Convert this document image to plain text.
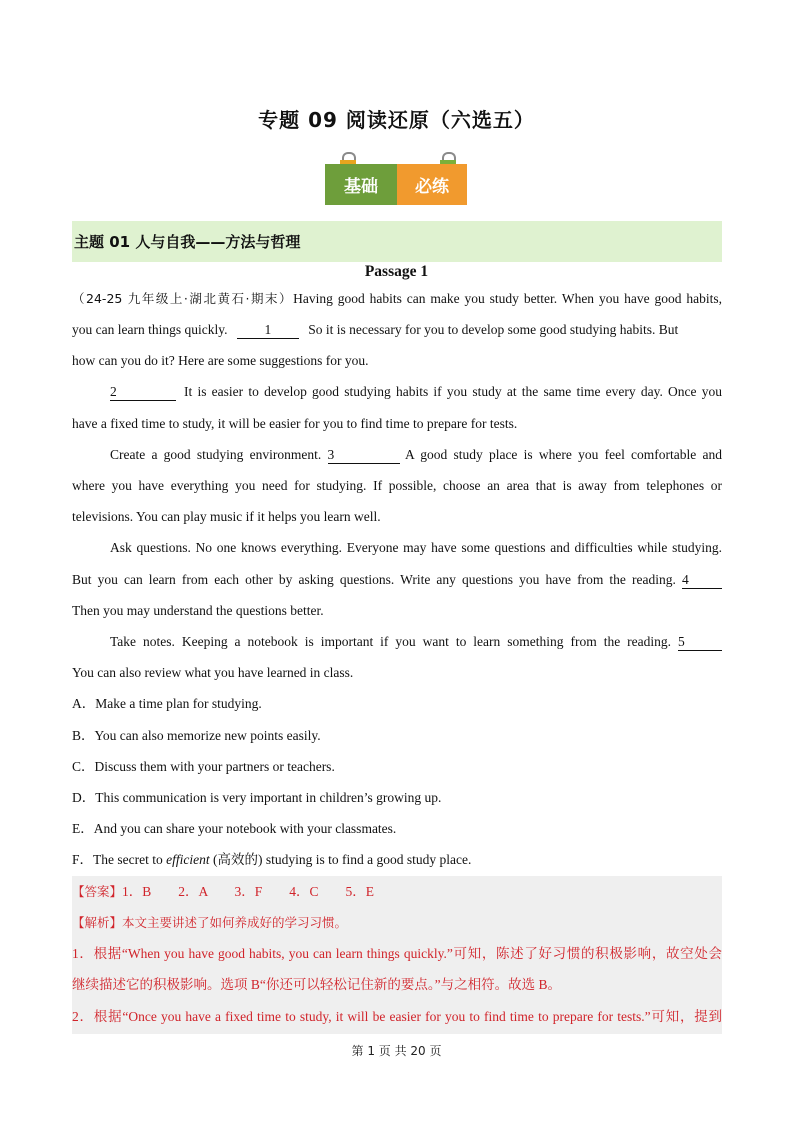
专题 09 阅读还原（六选五）
基础	必练
主题 01 人与自我——方法与哲理
Passage 1
（24-25 九年级上·湖北黄石·期末）Having good habits can make you study better. When you have good habits,
you can learn things quickly.	1	So it is necessary for you to develop some good studying habits. But
how can you do it? Here are some suggestions for you.
2	It is easier to develop good studying habits if you study at the same time every day. Once you
have a fixed time to study, it will be easier for you to find time to prepare for tests.
Create a good studying environment. 3	A good study place is where you feel comfortable and
where you have everything you need for studying. If possible, choose an area that is away from telephones or
televisions. You can play music if it helps you learn well.
Ask questions. No one knows everything. Everyone may have some questions and difficulties while studying.
But you can learn from each other by asking questions. Write any questions you have from the reading. 4
Then you may understand the questions better.
Take notes. Keeping a notebook is important if you want to learn something from the reading. 5
You can also review what you have learned in class.
A．Make a time plan for studying.
B．You can also memorize new points easily.
C．Discuss them with your partners or teachers.
D．This communication is very important in children’s growing up.
E．And you can share your notebook with your classmates.
F．The secret to efficient (高效的) studying is to find a good study place.
【答案】1．B　　2．A　　3．F　　4．C　　5．E
【解析】本文主要讲述了如何养成好的学习习惯。
1．根据“When you have good habits, you can learn things quickly.”可知，陈述了好习惯的积极影响，故空处会
继续描述它的积极影响。选项 B“你还可以轻松记住新的要点。”与之相符。故选 B。
2．根据“Once you have a fixed time to study, it will be easier for you to find time to prepare for tests.”可知，提到
第 1 页 共 20 页
